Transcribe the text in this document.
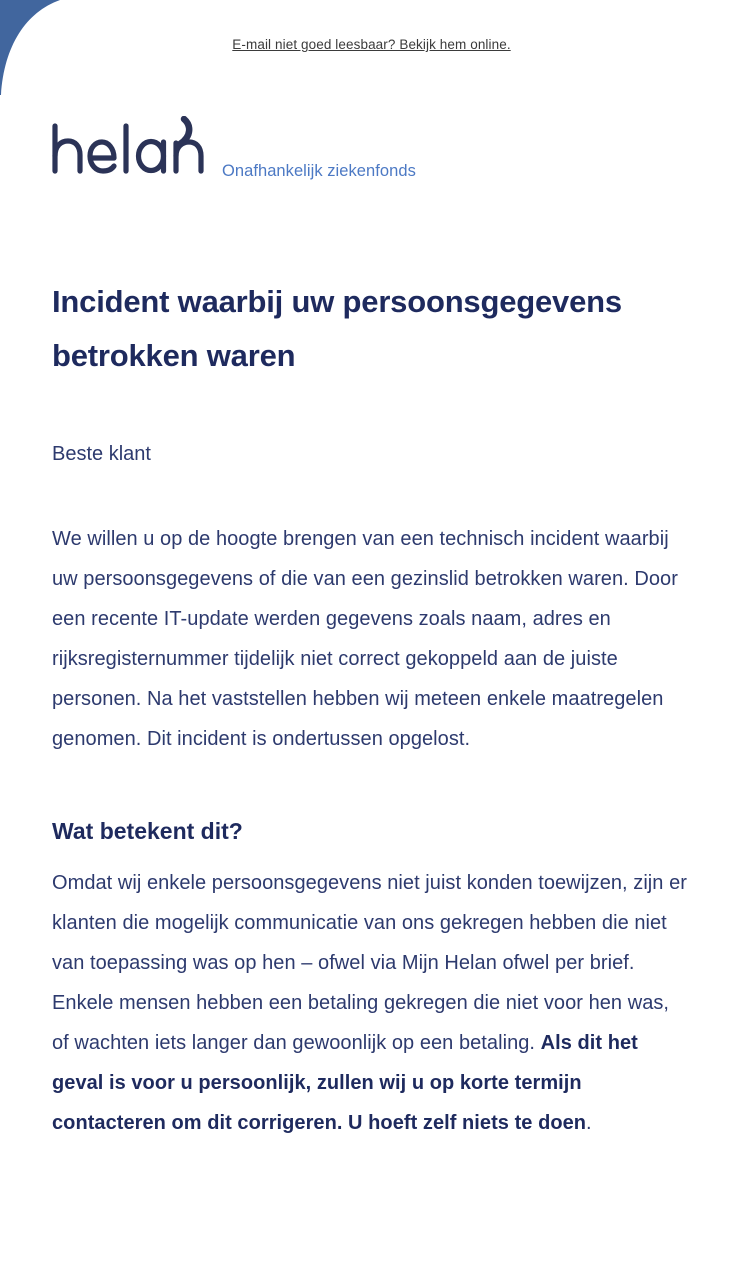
E-mail niet goed leesbaar? Bekijk hem online.
Onafhankelijk ziekenfonds
Incident waarbij uw persoonsgegevens betrokken waren

Beste klant

We willen u op de hoogte brengen van een technisch incident waarbij uw persoonsgegevens of die van een gezinslid betrokken waren. Door een recente IT-update werden gegevens zoals naam, adres en rijksregisternummer tijdelijk niet correct gekoppeld aan de juiste personen. Na het vaststellen hebben wij meteen enkele maatregelen genomen. Dit incident is ondertussen opgelost.

Wat betekent dit?

Omdat wij enkele persoonsgegevens niet juist konden toewijzen, zijn er klanten die mogelijk communicatie van ons gekregen hebben die niet van toepassing was op hen – ofwel via Mijn Helan ofwel per brief. Enkele mensen hebben een betaling gekregen die niet voor hen was, of wachten iets langer dan gewoonlijk op een betaling. Als dit het geval is voor u persoonlijk, zullen wij u op korte termijn contacteren om dit corrigeren. U hoeft zelf niets te doen.
